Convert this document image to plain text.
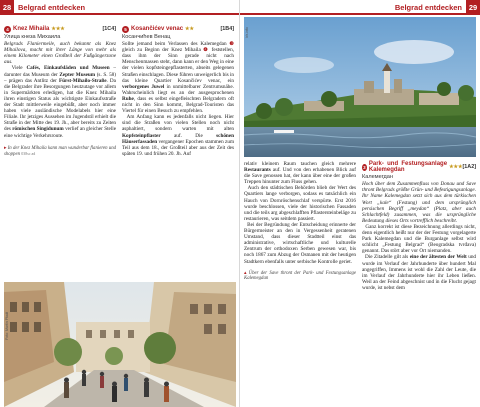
28 Belgrad entdecken
4 Knez Mihaila ★★★	[1C4]
Улица кнеза Михаила

Belgrads Flaniermeile, auch bekannt als Knez Mihailova, macht mit ihrer Länge von mehr als einem Kilometer einen Großteil der Fußgängerzone aus.

Viele Cafés, Einkaufsläden und Museen – darunter das Museum der Zepter Museum (s. S. 58) – prägen das Antlitz der Fürst-Mihailo-Straße. Da die Belgrader ihre Besorgungen heutzutage vor allem in Supermärkten erledigen, hat die Knez Mihaila ihren einstigen Status als wichtigste Einkaufsstraße der Stadt mittlerweile eingebüßt, aber noch immer haben viele ausländische Modelabels hier eine Filiale. Ihr jetziges Aussehen im Jugendstil erhielt die Straße in der Mitte des 19. Jh., aber bereits zu Zeiten des römischen Singidunum verlief an gleicher Stelle eine wichtige Verkehrsroute.

▸ In der Knez Mihaila kann man wunderbar flanieren und shoppen 038sc ad

5 Kosančićev venac ★★	[1B4]
Косанчићев Венац

Sollte jemand beim Verlassen des Kalemegdan ❸ gleich zu Beginn der Knez Mihaila ❹ feststellen, dass ihm der Sinn gerade nicht nach Menschenmassen steht, dann kann er den Weg in eine der vielen kopfsteingepflasterten, abseits gelegenen Straßen einschlagen. Diese führen unweigerlich bis in das kleine Quartier Kosančićev venac, ein verborgenes Juwel in unmittelbarer Zentrumsnähe. Wahrscheinlich liegt es an der ausgesprochenen Ruhe, dass es selbst eingefleischten Belgradern oft nicht in den Sinn kommt, Belgrad-Touristen das Viertel für einen Besuch zu empfehlen.

Am Anfang kann es jedenfalls nicht liegen. Hier sind die Straßen von vielen Stellen noch nicht asphaltiert, sondern warten mit alten Kopfsteinpflaster auf. Die schönen Häuserfassaden vergangener Epochen stammen zum Teil aus dem 18., der Großteil aber aus der Zeit des späten 19. und frühen 20. Jh. Auf

Foto: Martin Pfadt
Belgrad entdecken 29
bh-info

relativ kleinem Raum tauchen gleich mehrere Restaurants auf. Und von den erhabenen Blick auf die Save genossen hat, der kann über eine der großen Treppen hinunter zum Fluss gehen.

Auch den städtischen Behörden blieb der Wert des Quartiers lange verborgen, sodass es tatsächlich ein Hauch von Dornröschenschlaf verspürte. Erst 2016 wurde beschlossen, viele der historischen Fassaden und die teils arg abgeschlafften Pflastersteinbeläge zu restaurieren, was seitdem passiert.

Bei der Begründung der Entscheidung erinnerte der Bürgermeister an den in Vergessenheit geratenen Umstand, dass dieser Stadtteil einst das administrative, wirtschaftliche und kulturelle Zentrum der orthodoxen Serben gewesen war, bis noch 1867 zum Abzug der Osmanen mit der heutigen Stadtkern ebenfalls unter serbische Kontrolle geriet.

▴ Über der Save thront der Park- und Festungsanlage Kalemegdan

3
Park- und Festungsanlage Kalemegdan
★★★ [1A2]
Калемегдан

Hoch über dem Zusammenfluss von Donau und Save thront Belgrads größte Grün- und Befestigungsanlage. Ihr Name Kalemegdan setzt sich aus dem türkischen Wort „kale“ (Festung) und dem ursprünglich persischen Begriff „meydan“ (Platz, aber auch Schlachtfeld) zusammen, was die ursprüngliche Bedeutung dieses Orts vortrefflich beschreibt.

Ganz korrekt ist diese Bezeichnung allerdings nicht, denn eigentlich heißt nur der der Festung vorgelagerte Park Kalemegdan und die Burganlage selbst wird schlicht „Festung Belgrad“ (Beogradska tvrđava) genannt. Das stört aber vor Ort niemanden.

Die Zitadelle gilt als eine der ältesten der Welt und wurde im Verlauf der Jahrhunderte über hundert Mal angegriffen, Immens ist wohl die Zahl der Leute, die im Verlauf der Jahrhunderte hier ihr Leben ließen. Weil an der Feind abgeschnist und in die Flucht gejagt wurde, ist nebst dem
